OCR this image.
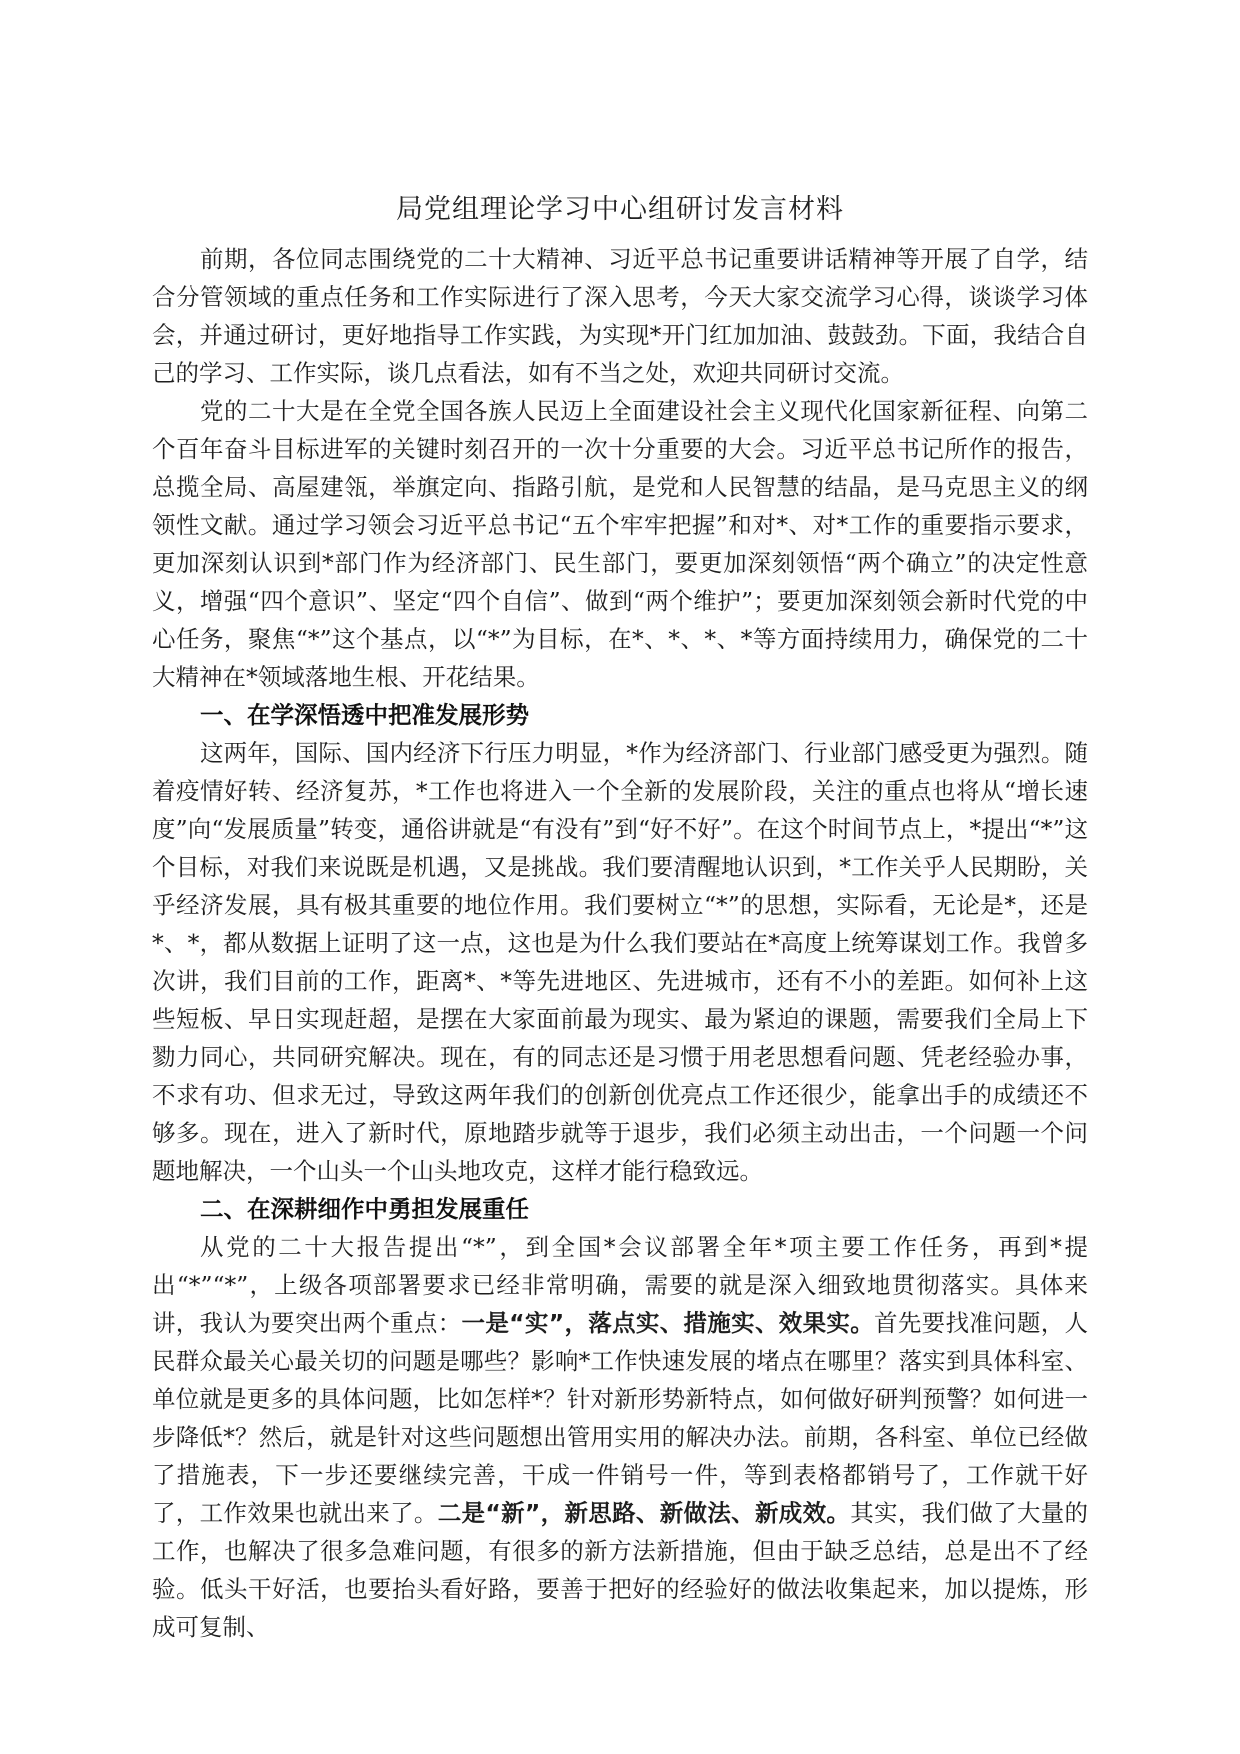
局党组理论学习中心组研讨发言材料

前期，各位同志围绕党的二十大精神、习近平总书记重要讲话精神等开展了自学，结合分管领域的重点任务和工作实际进行了深入思考，今天大家交流学习心得，谈谈学习体会，并通过研讨，更好地指导工作实践，为实现*开门红加加油、鼓鼓劲。下面，我结合自己的学习、工作实际，谈几点看法，如有不当之处，欢迎共同研讨交流。

党的二十大是在全党全国各族人民迈上全面建设社会主义现代化国家新征程、向第二个百年奋斗目标进军的关键时刻召开的一次十分重要的大会。习近平总书记所作的报告，总揽全局、高屋建瓴，举旗定向、指路引航，是党和人民智慧的结晶，是马克思主义的纲领性文献。通过学习领会习近平总书记“五个牢牢把握”和对*、对*工作的重要指示要求，更加深刻认识到*部门作为经济部门、民生部门，要更加深刻领悟“两个确立”的决定性意义，增强“四个意识”、坚定“四个自信”、做到“两个维护”；要更加深刻领会新时代党的中心任务，聚焦“*”这个基点，以“*”为目标，在*、*、*、*等方面持续用力，确保党的二十大精神在*领域落地生根、开花结果。

一、在学深悟透中把准发展形势

这两年，国际、国内经济下行压力明显，*作为经济部门、行业部门感受更为强烈。随着疫情好转、经济复苏，*工作也将进入一个全新的发展阶段，关注的重点也将从“增长速度”向“发展质量”转变，通俗讲就是“有没有”到“好不好”。在这个时间节点上，*提出“*”这个目标，对我们来说既是机遇，又是挑战。我们要清醒地认识到，*工作关乎人民期盼，关乎经济发展，具有极其重要的地位作用。我们要树立“*”的思想，实际看，无论是*，还是*、*，都从数据上证明了这一点，这也是为什么我们要站在*高度上统筹谋划工作。我曾多次讲，我们目前的工作，距离*、*等先进地区、先进城市，还有不小的差距。如何补上这些短板、早日实现赶超，是摆在大家面前最为现实、最为紧迫的课题，需要我们全局上下勠力同心，共同研究解决。现在，有的同志还是习惯于用老思想看问题、凭老经验办事，不求有功、但求无过，导致这两年我们的创新创优亮点工作还很少，能拿出手的成绩还不够多。现在，进入了新时代，原地踏步就等于退步，我们必须主动出击，一个问题一个问题地解决，一个山头一个山头地攻克，这样才能行稳致远。

二、在深耕细作中勇担发展重任

从党的二十大报告提出“*”，到全国*会议部署全年*项主要工作任务，再到*提出“*”“*”，上级各项部署要求已经非常明确，需要的就是深入细致地贯彻落实。具体来讲，我认为要突出两个重点：一是“实”，落点实、措施实、效果实。首先要找准问题，人民群众最关心最关切的问题是哪些？影响*工作快速发展的堵点在哪里？落实到具体科室、单位就是更多的具体问题，比如怎样*？针对新形势新特点，如何做好研判预警？如何进一步降低*？然后，就是针对这些问题想出管用实用的解决办法。前期，各科室、单位已经做了措施表，下一步还要继续完善，干成一件销号一件，等到表格都销号了，工作就干好了，工作效果也就出来了。二是“新”，新思路、新做法、新成效。其实，我们做了大量的工作，也解决了很多急难问题，有很多的新方法新措施，但由于缺乏总结，总是出不了经验。低头干好活，也要抬头看好路，要善于把好的经验好的做法收集起来，加以提炼，形成可复制、
